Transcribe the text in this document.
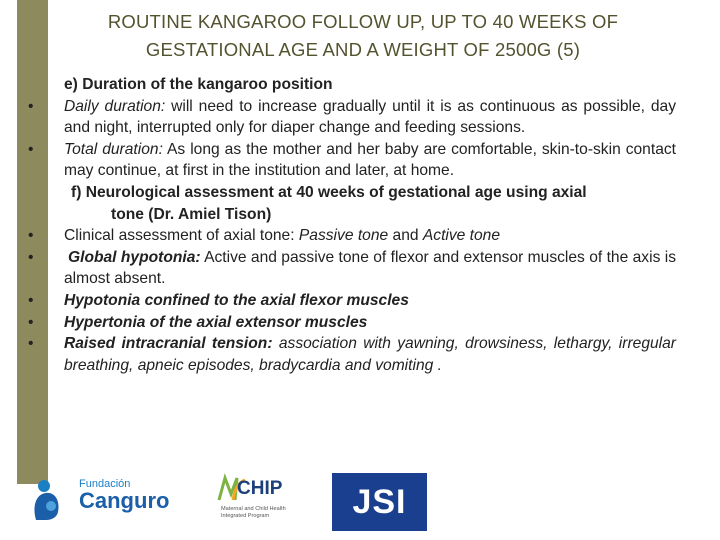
ROUTINE KANGAROO FOLLOW UP, UP TO 40 WEEKS OF
GESTATIONAL AGE AND A WEIGHT OF 2500G (5)
e) Duration of the kangaroo position
•	Daily duration: will need to increase gradually until it is as continuous as possible, day and night, interrupted only for diaper change and feeding sessions.
•	Total duration: As long as the mother and her baby are comfortable, skin-to-skin contact may continue, at first in the institution and later, at home.
f) Neurological assessment at 40 weeks of gestational age using axial
tone (Dr. Amiel Tison)
•	Clinical assessment of axial tone: Passive tone and Active tone
•	Global hypotonia: Active and passive tone of flexor and extensor muscles of the axis is almost absent.
•	Hypotonia confined to the axial flexor muscles
•	Hypertonia of the axial extensor muscles
•	Raised intracranial tension: association with yawning, drowsiness, lethargy, irregular breathing, apneic episodes, bradycardia and vomiting .
Fundación
Canguro	CHIP
Maternal and Child Health Integrated Program	JSI
